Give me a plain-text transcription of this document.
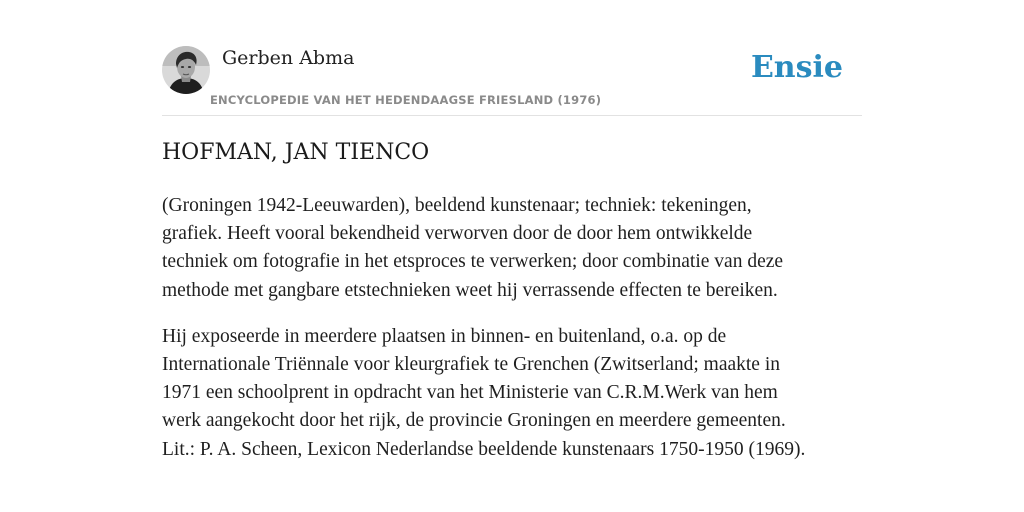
Gerben Abma
ENCYCLOPEDIE VAN HET HEDENDAAGSE FRIESLAND (1976)
Ensie
HOFMAN, JAN TIENCO

(Groningen 1942-Leeuwarden), beeldend kunstenaar; techniek: tekeningen,
grafiek. Heeft vooral bekendheid verworven door de door hem ontwikkelde
techniek om fotografie in het etsproces te verwerken; door combinatie van deze
methode met gangbare etstechnieken weet hij verrassende effecten te bereiken.

Hij exposeerde in meerdere plaatsen in binnen- en buitenland, o.a. op de
Internationale Triënnale voor kleurgrafiek te Grenchen (Zwitserland; maakte in
1971 een schoolprent in opdracht van het Ministerie van C.R.M.Werk van hem
werk aangekocht door het rijk, de provincie Groningen en meerdere gemeenten.
Lit.: P. A. Scheen, Lexicon Nederlandse beeldende kunstenaars 1750-1950 (1969).
